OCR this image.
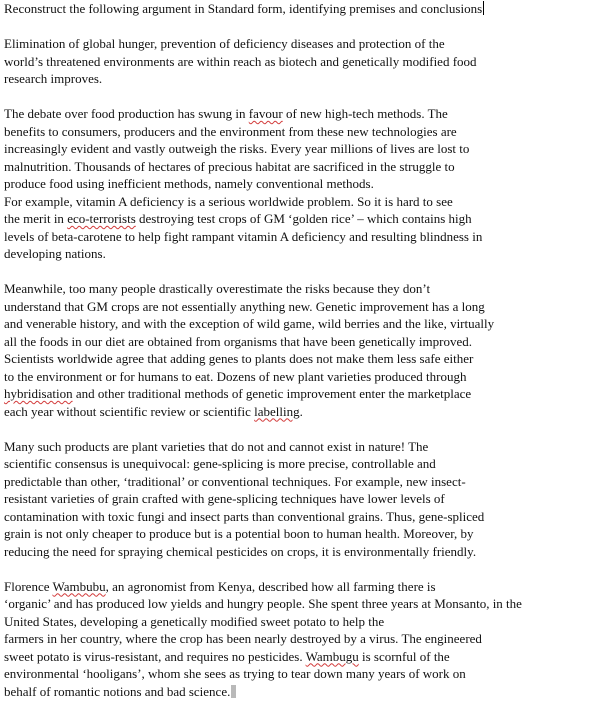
Reconstruct the following argument in Standard form, identifying premises and conclusions
Elimination of global hunger, prevention of deficiency diseases and protection of the
world’s threatened environments are within reach as biotech and genetically modified food
research improves.
The debate over food production has swung in favour of new high-tech methods. The
benefits to consumers, producers and the environment from these new technologies are
increasingly evident and vastly outweigh the risks. Every year millions of lives are lost to
malnutrition. Thousands of hectares of precious habitat are sacrificed in the struggle to
produce food using inefficient methods, namely conventional methods.
For example, vitamin A deficiency is a serious worldwide problem. So it is hard to see
the merit in eco-terrorists destroying test crops of GM ‘golden rice’ – which contains high
levels of beta-carotene to help fight rampant vitamin A deficiency and resulting blindness in
developing nations.
Meanwhile, too many people drastically overestimate the risks because they don’t
understand that GM crops are not essentially anything new. Genetic improvement has a long
and venerable history, and with the exception of wild game, wild berries and the like, virtually
all the foods in our diet are obtained from organisms that have been genetically improved.
Scientists worldwide agree that adding genes to plants does not make them less safe either
to the environment or for humans to eat. Dozens of new plant varieties produced through
hybridisation and other traditional methods of genetic improvement enter the marketplace
each year without scientific review or scientific labelling.
Many such products are plant varieties that do not and cannot exist in nature! The
scientific consensus is unequivocal: gene-splicing is more precise, controllable and
predictable than other, ‘traditional’ or conventional techniques. For example, new insect-
resistant varieties of grain crafted with gene-splicing techniques have lower levels of
contamination with toxic fungi and insect parts than conventional grains. Thus, gene-spliced
grain is not only cheaper to produce but is a potential boon to human health. Moreover, by
reducing the need for spraying chemical pesticides on crops, it is environmentally friendly.
Florence Wambubu, an agronomist from Kenya, described how all farming there is
‘organic’ and has produced low yields and hungry people. She spent three years at Monsanto, in the
United States, developing a genetically modified sweet potato to help the
farmers in her country, where the crop has been nearly destroyed by a virus. The engineered
sweet potato is virus-resistant, and requires no pesticides. Wambugu is scornful of the
environmental ‘hooligans’, whom she sees as trying to tear down many years of work on
behalf of romantic notions and bad science.
